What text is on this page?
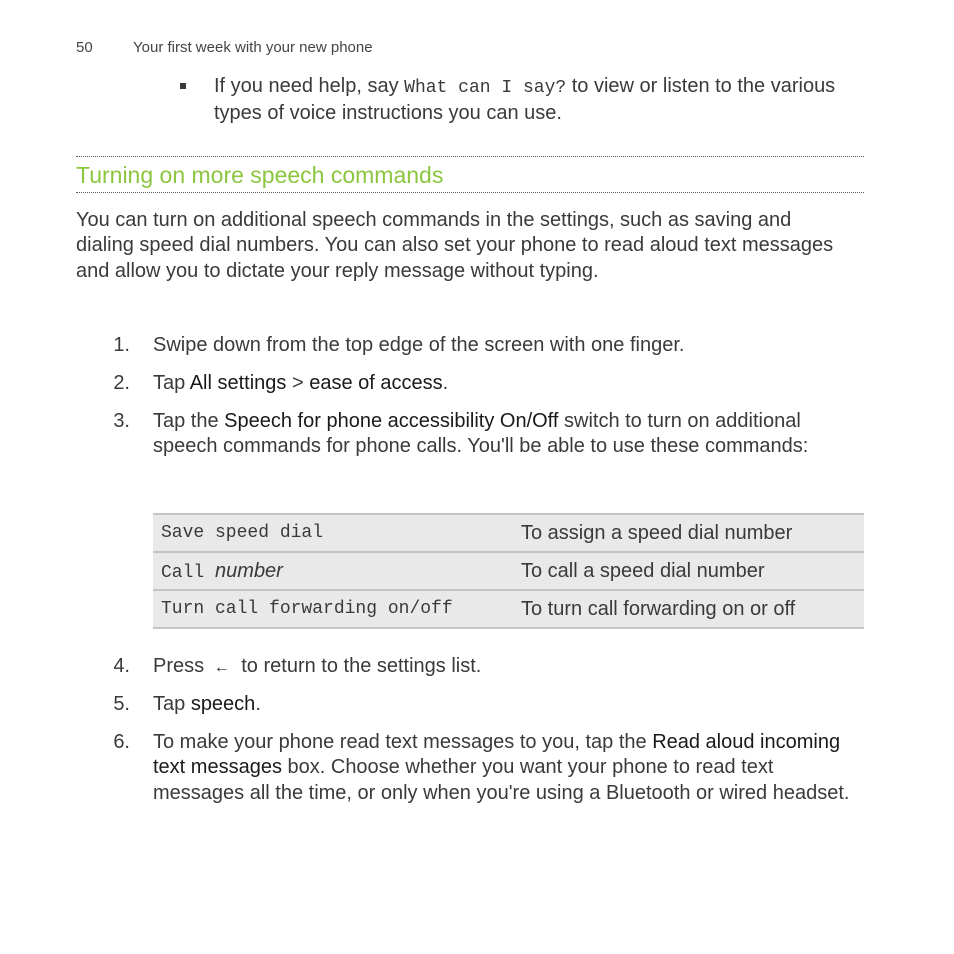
50	Your first week with your new phone
If you need help, say What can I say? to view or listen to the various types of voice instructions you can use.
Turning on more speech commands
You can turn on additional speech commands in the settings, such as saving and dialing speed dial numbers. You can also set your phone to read aloud text messages and allow you to dictate your reply message without typing.
1. Swipe down from the top edge of the screen with one finger.
2. Tap All settings > ease of access.
3. Tap the Speech for phone accessibility On/Off switch to turn on additional speech commands for phone calls. You'll be able to use these commands:
Save speed dial	To assign a speed dial number
Call number	To call a speed dial number
Turn call forwarding on/off	To turn call forwarding on or off
4. Press ← to return to the settings list.
5. Tap speech.
6. To make your phone read text messages to you, tap the Read aloud incoming text messages box. Choose whether you want your phone to read text messages all the time, or only when you're using a Bluetooth or wired headset.
